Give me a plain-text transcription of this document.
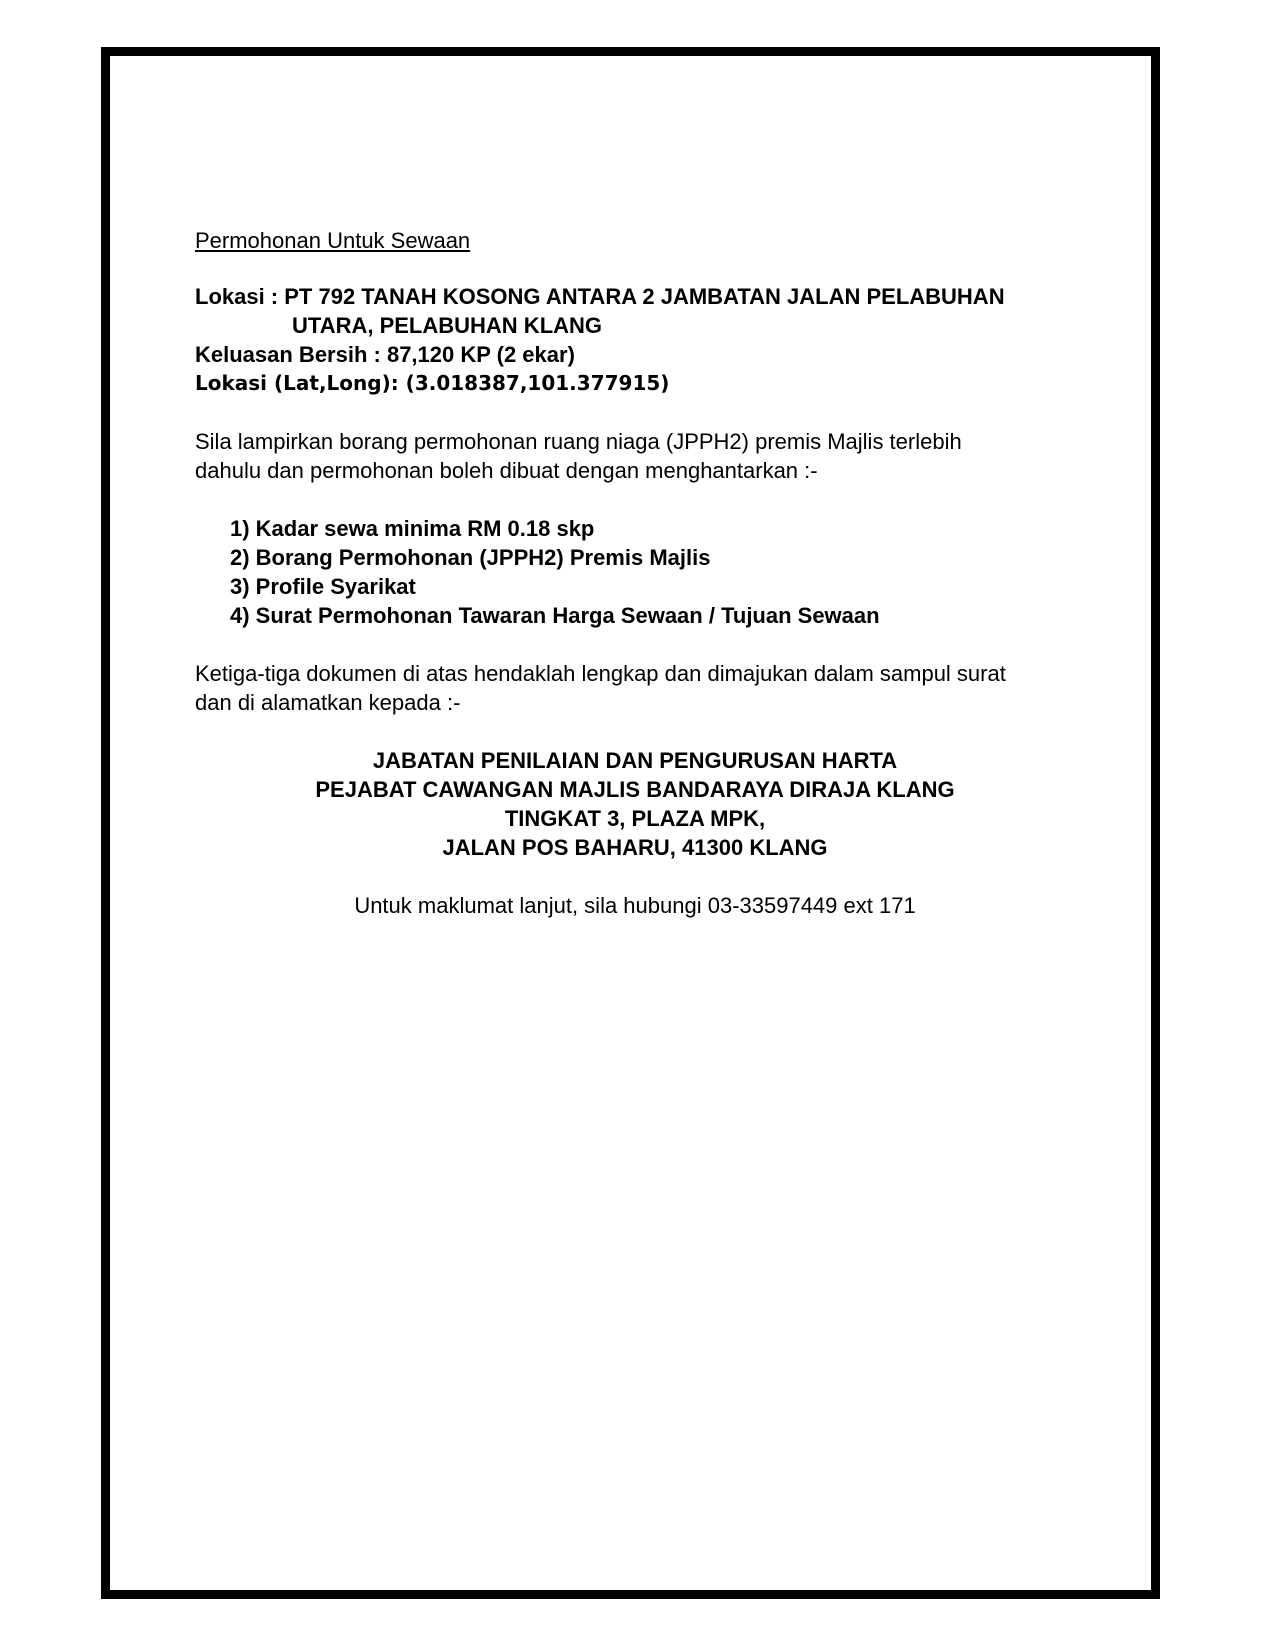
Permohonan Untuk Sewaan
Lokasi : PT 792 TANAH KOSONG ANTARA 2 JAMBATAN JALAN PELABUHAN
UTARA, PELABUHAN KLANG
Keluasan Bersih : 87,120 KP (2 ekar)
Lokasi (Lat,Long): (3.018387,101.377915)
Sila lampirkan borang permohonan ruang niaga (JPPH2) premis Majlis terlebih
dahulu dan permohonan boleh dibuat dengan menghantarkan :-
1) Kadar sewa minima RM 0.18 skp
2) Borang Permohonan (JPPH2) Premis Majlis
3) Profile Syarikat
4) Surat Permohonan Tawaran Harga Sewaan / Tujuan Sewaan
Ketiga-tiga dokumen di atas hendaklah lengkap dan dimajukan dalam sampul surat
dan di alamatkan kepada :-
JABATAN PENILAIAN DAN PENGURUSAN HARTA
PEJABAT CAWANGAN MAJLIS BANDARAYA DIRAJA KLANG
TINGKAT 3, PLAZA MPK,
JALAN POS BAHARU, 41300 KLANG
Untuk maklumat lanjut, sila hubungi 03-33597449 ext 171
